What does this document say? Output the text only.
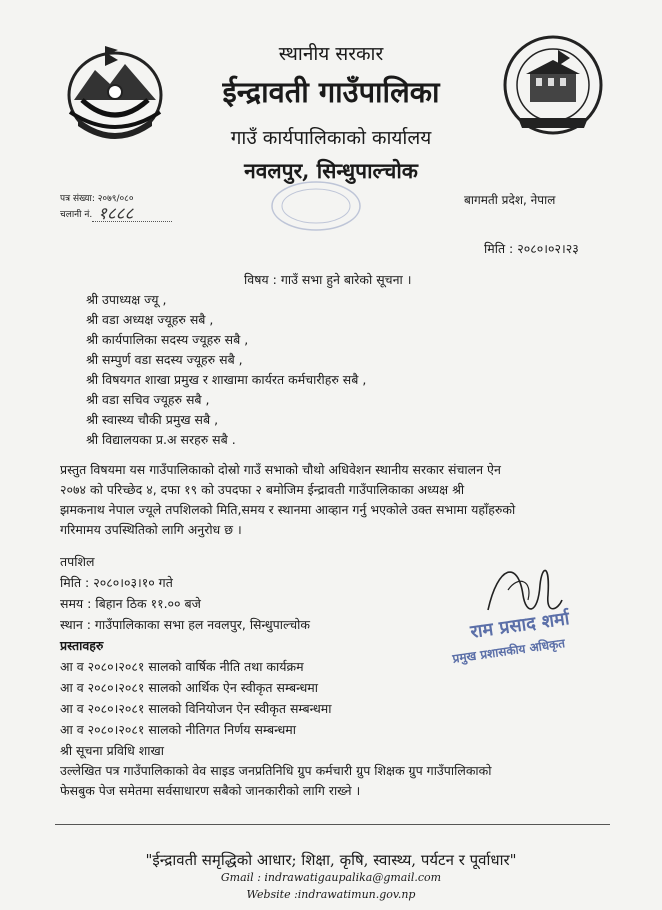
स्थानीय सरकार
ईन्द्रावती गाउँपालिका
गाउँ कार्यपालिकाको कार्यालय
नवलपुर, सिन्धुपाल्चोक
पत्र संख्या: २०७९/०८०
चलानी नं. १८८८
बागमती प्रदेश, नेपाल
मिति : २०८०।०२।२३
विषय : गाउँ सभा हुने बारेको सूचना ।
श्री उपाध्यक्ष ज्यू ,
श्री वडा अध्यक्ष ज्यूहरु सबै ,
श्री कार्यपालिका सदस्य ज्यूहरु सबै ,
श्री सम्पुर्ण वडा सदस्य ज्यूहरु सबै ,
श्री विषयगत शाखा प्रमुख र शाखामा कार्यरत कर्मचारीहरु सबै ,
श्री वडा सचिव ज्यूहरु सबै ,
श्री स्वास्थ्य चौकी प्रमुख सबै ,
श्री विद्यालयका प्र.अ सरहरु सबै .
प्रस्तुत विषयमा यस गाउँपालिकाको दोस्रो गाउँ सभाको चौथो अधिवेशन स्थानीय सरकार संचालन ऐन
२०७४ को परिच्छेद ४, दफा १९ को उपदफा २ बमोजिम ईन्द्रावती गाउँपालिकाका अध्यक्ष श्री
झमकनाथ नेपाल ज्यूले तपशिलको मिति,समय र स्थानमा आव्हान गर्नु भएकोले उक्त सभामा यहाँहरुको
गरिमामय उपस्थितिको लागि अनुरोध छ ।
तपशिल
मिति : २०८०।०३।१० गते
समय : बिहान ठिक ११.०० बजे
स्थान : गाउँपालिकाका सभा हल नवलपुर, सिन्धुपाल्चोक
प्रस्तावहरु
आ व २०८०।२०८१ सालको वार्षिक नीति तथा कार्यक्रम
आ व २०८०।२०८१ सालको आर्थिक ऐन स्वीकृत सम्बन्धमा
आ व २०८०।२०८१ सालको विनियोजन ऐन स्वीकृत सम्बन्धमा
आ व २०८०।२०८१ सालको नीतिगत निर्णय सम्बन्धमा
श्री सूचना प्रविधि शाखा
उल्लेखित पत्र गाउँपालिकाको वेव साइड जनप्रतिनिधि ग्रुप कर्मचारी ग्रुप शिक्षक ग्रुप गाउँपालिकाको
फेसबुक पेज समेतमा सर्वसाधारण सबैको जानकारीको लागि राख्ने ।
राम प्रसाद शर्मा
प्रमुख प्रशासकीय अधिकृत
"ईन्द्रावती समृद्धिको आधार; शिक्षा, कृषि, स्वास्थ्य, पर्यटन र पूर्वाधार"
Gmail : indrawatigaupalika@gmail.com
Website :indrawatimun.gov.np
